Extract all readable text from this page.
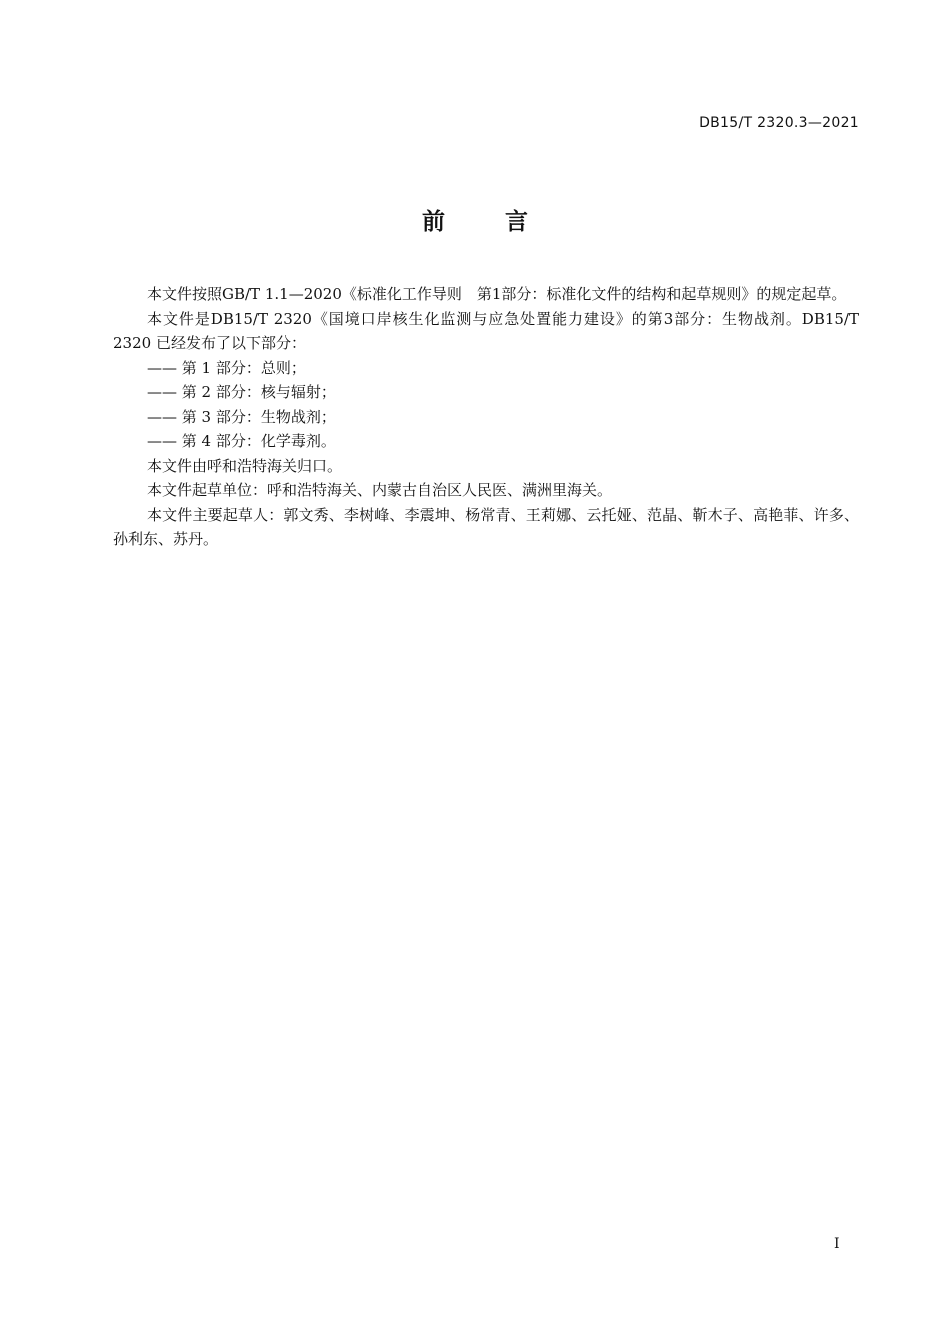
DB15/T 2320.3—2021
前	言

本文件按照GB/T 1.1—2020《标准化工作导则　第1部分：标准化文件的结构和起草规则》的规定起草。

本文件是DB15/T 2320《国境口岸核生化监测与应急处置能力建设》的第3部分：生物战剂。DB15/T 2320 已经发布了以下部分：

—— 第 1 部分：总则；

—— 第 2 部分：核与辐射；

—— 第 3 部分：生物战剂；

—— 第 4 部分：化学毒剂。

本文件由呼和浩特海关归口。

本文件起草单位：呼和浩特海关、内蒙古自治区人民医、满洲里海关。

本文件主要起草人：郭文秀、李树峰、李震坤、杨常青、王莉娜、云托娅、范晶、靳木子、高艳菲、许多、孙利东、苏丹。

I
